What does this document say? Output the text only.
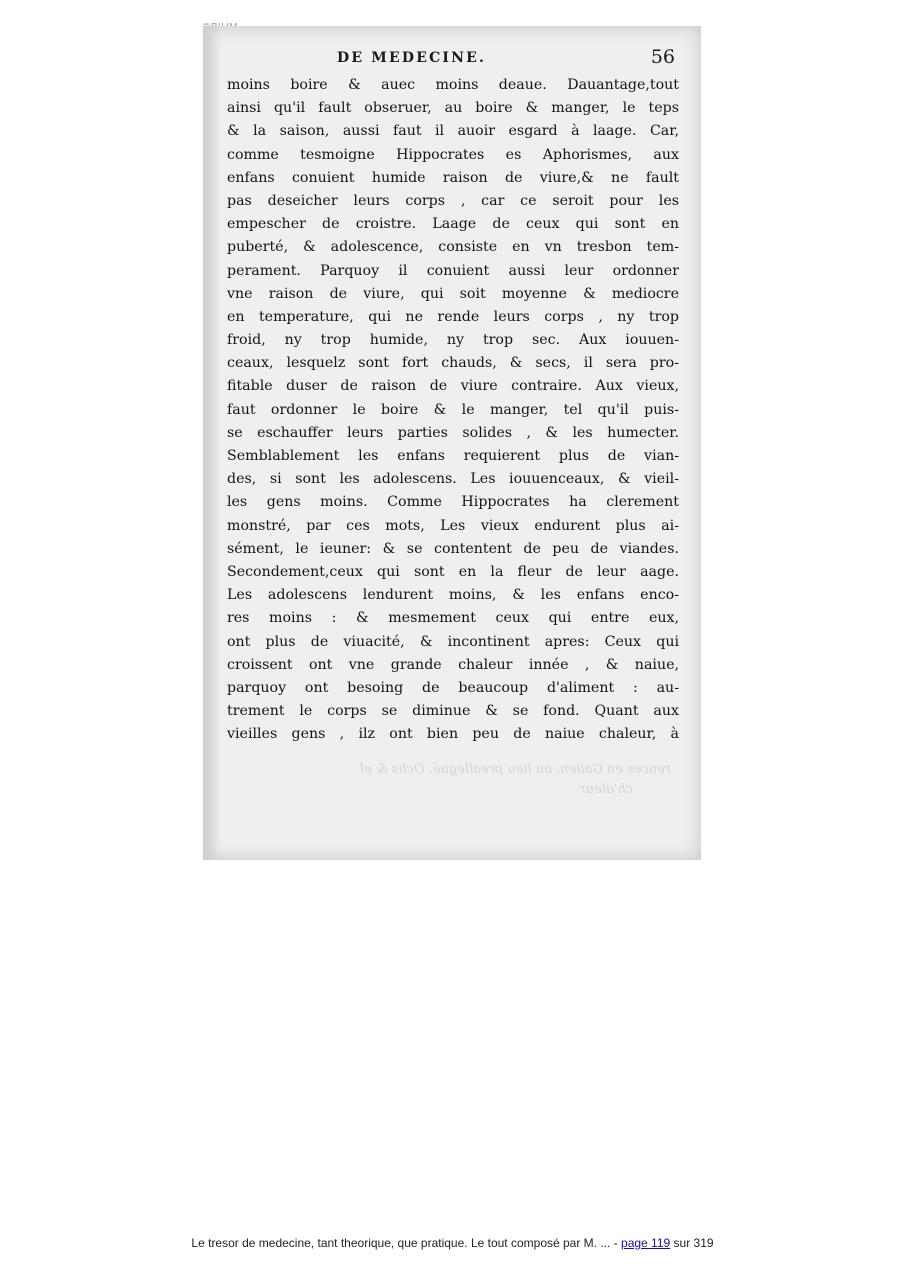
DE MEDECINE.	56
moins boire & auec moins deaue. Dauantage,tout
ainsi qu'il fault obseruer, au boire & manger, le teps
& la saison, aussi faut il auoir esgard à laage. Car,
comme tesmoigne Hippocrates es Aphorismes, aux
enfans conuient humide raison de viure,& ne fault
pas deseicher leurs corps , car ce seroit pour les
empescher de croistre. Laage de ceux qui sont en
puberté, & adolescence, consiste en vn tresbon tem-
perament. Parquoy il conuient aussi leur ordonner
vne raison de viure, qui soit moyenne & mediocre
en temperature, qui ne rende leurs corps , ny trop
froid, ny trop humide, ny trop sec. Aux iouuen-
ceaux, lesquelz sont fort chauds, & secs, il sera pro-
fitable duser de raison de viure contraire. Aux vieux,
faut ordonner le boire & le manger, tel qu'il puis-
se eschauffer leurs parties solides , & les humecter.
Semblablement les enfans requierent plus de vian-
des, si sont les adolescens. Les iouuenceaux, & vieil-
les gens moins. Comme Hippocrates ha clerement
monstré, par ces mots, Les vieux endurent plus ai-
sément, le ieuner: & se contentent de peu de viandes.
Secondement,ceux qui sont en la fleur de leur aage.
Les adolescens lendurent moins, & les enfans enco-
res moins : & mesmement ceux qui entre eux,
ont plus de viuacité, & incontinent apres: Ceux qui
croissent ont vne grande chaleur innée , & naiue,
parquoy ont besoing de beaucoup d'aliment : au-
trement le corps se diminue & se fond. Quant aux
vieilles gens , ilz ont bien peu de naiue chaleur, à
rences en Galien, au lieu preallegué. Ochs & el
ch'aleur
Le tresor de medecine, tant theorique, que pratique. Le tout composé par M. ... - page 119 sur 319
